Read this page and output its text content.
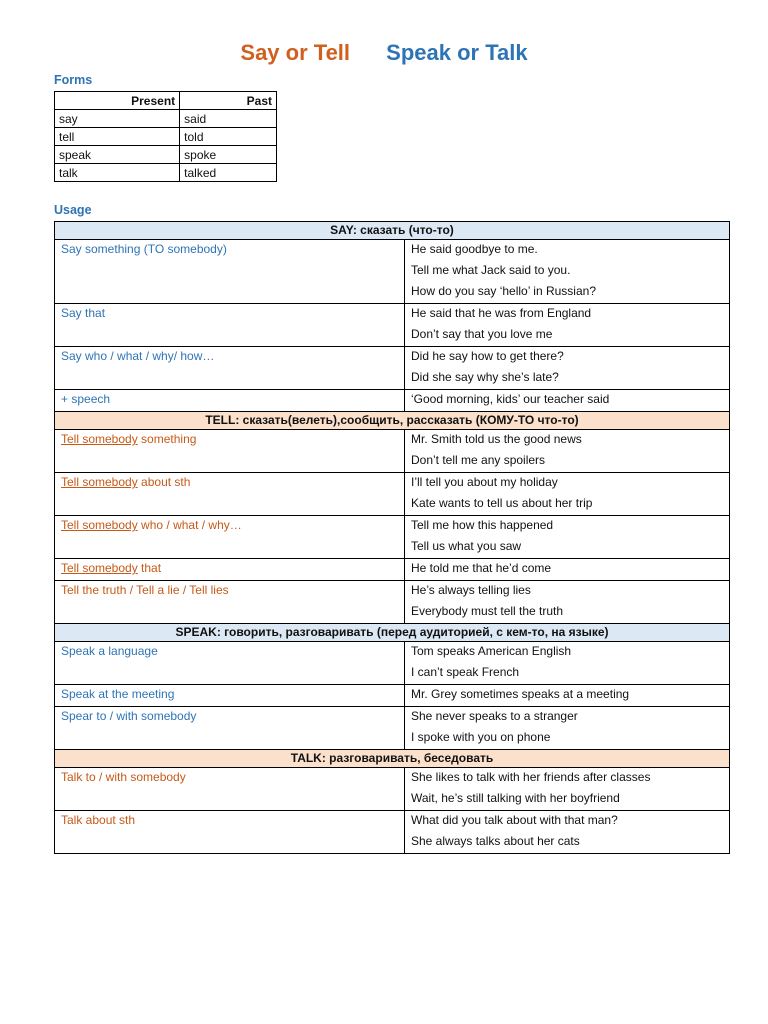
Say or Tell Speak or Talk
Forms
Present	Past
say	said
tell	told
speak	spoke
talk	talked
Usage
SAY: сказать (что-то)	
Say something (TO somebody)	He said goodbye to me.
Tell me what Jack said to you.
How do you say ‘hello’ in Russian?

Say that	He said that he was from England
Don’t say that you love me

Say who / what / why/ how…	Did he say how to get there?
Did she say why she’s late?

+ speech	‘Good morning, kids’ our teacher said

TELL: сказать(велеть),сообщить, рассказать (КОМУ-ТО что-то)	
Tell somebody something	Mr. Smith told us the good news
Don’t tell me any spoilers

Tell somebody about sth	I’ll tell you about my holiday
Kate wants to tell us about her trip

Tell somebody who / what / why…	Tell me how this happened
Tell us what you saw

Tell somebody that	He told me that he’d come

Tell the truth / Tell a lie / Tell lies	He’s always telling lies
Everybody must tell the truth

SPEAK: говорить, разговаривать (перед аудиторией, с кем-то, на языке)	
Speak a language	Tom speaks American English
I can’t speak French

Speak at the meeting	Mr. Grey sometimes speaks at a meeting

Spear to / with somebody	She never speaks to a stranger
I spoke with you on phone

TALK: разговаривать, беседовать	
Talk to / with somebody	She likes to talk with her friends after classes
Wait, he’s still talking with her boyfriend

Talk about sth	What did you talk about with that man?
She always talks about her cats
